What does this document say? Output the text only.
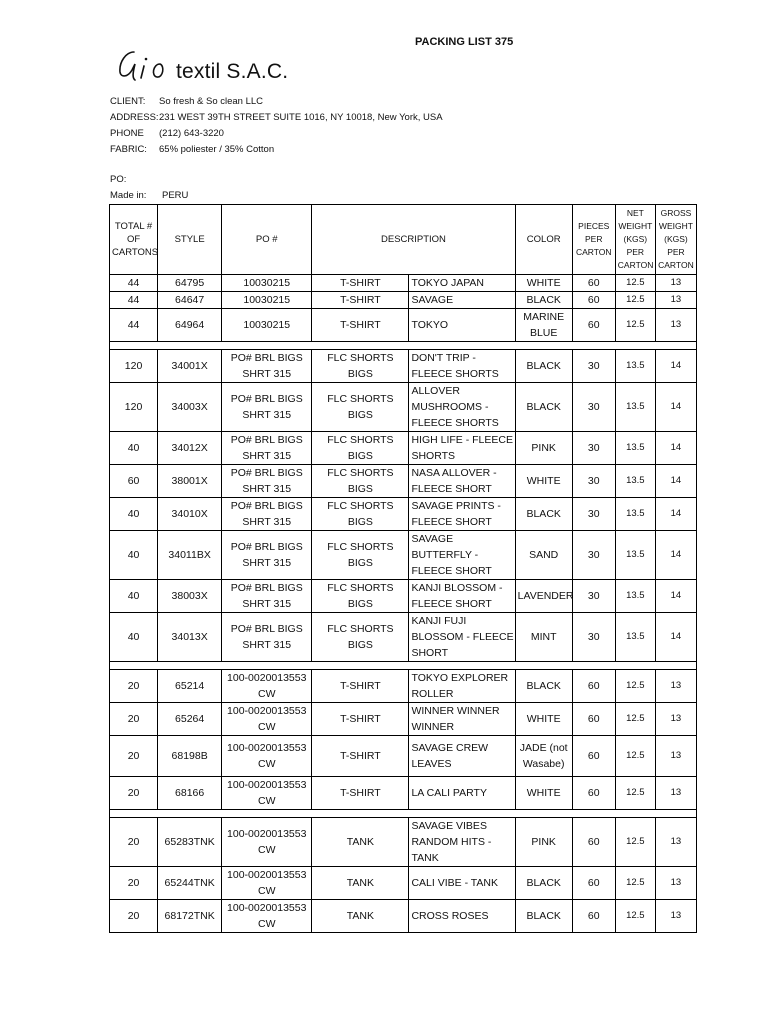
textil S.A.C.
PACKING LIST 375
CLIENT: So fresh & So clean LLC
ADDRESS: 231 WEST 39TH STREET SUITE 1016, NY 10018, New York, USA
PHONE (212) 643-3220
FABRIC: 65% poliester / 35% Cotton
PO:
Made in: PERU
TOTAL # OF CARTONS	STYLE	PO #	DESCRIPTION		COLOR	PIECES PER CARTON	NET WEIGHT (KGS) PER CARTON	GROSS WEIGHT (KGS) PER CARTON
44	64795	10030215	T-SHIRT	TOKYO JAPAN	WHITE	60	12.5	13
44	64647	10030215	T-SHIRT	SAVAGE	BLACK	60	12.5	13
44	64964	10030215	T-SHIRT	TOKYO	MARINE BLUE	60	12.5	13

120	34001X	PO# BRL BIGS SHRT 315	FLC SHORTS BIGS	DON'T TRIP - FLEECE SHORTS	BLACK	30	13.5	14
120	34003X	PO# BRL BIGS SHRT 315	FLC SHORTS BIGS	ALLOVER MUSHROOMS - FLEECE SHORTS	BLACK	30	13.5	14
40	34012X	PO# BRL BIGS SHRT 315	FLC SHORTS BIGS	HIGH LIFE - FLEECE SHORTS	PINK	30	13.5	14
60	38001X	PO# BRL BIGS SHRT 315	FLC SHORTS BIGS	NASA ALLOVER - FLEECE SHORT	WHITE	30	13.5	14
40	34010X	PO# BRL BIGS SHRT 315	FLC SHORTS BIGS	SAVAGE PRINTS - FLEECE SHORT	BLACK	30	13.5	14
40	34011BX	PO# BRL BIGS SHRT 315	FLC SHORTS BIGS	SAVAGE BUTTERFLY - FLEECE SHORT	SAND	30	13.5	14
40	38003X	PO# BRL BIGS SHRT 315	FLC SHORTS BIGS	KANJI BLOSSOM - FLEECE SHORT	LAVENDER	30	13.5	14
40	34013X	PO# BRL BIGS SHRT 315	FLC SHORTS BIGS	KANJI FUJI BLOSSOM - FLEECE SHORT	MINT	30	13.5	14

20	65214	100-0020013553 CW	T-SHIRT	TOKYO EXPLORER ROLLER	BLACK	60	12.5	13
20	65264	100-0020013553 CW	T-SHIRT	WINNER WINNER WINNER	WHITE	60	12.5	13
20	68198B	100-0020013553 CW	T-SHIRT	SAVAGE CREW LEAVES	JADE (not Wasabe)	60	12.5	13
20	68166	100-0020013553 CW	T-SHIRT	LA CALI PARTY	WHITE	60	12.5	13

20	65283TNK	100-0020013553 CW	TANK	SAVAGE VIBES RANDOM HITS - TANK	PINK	60	12.5	13
20	65244TNK	100-0020013553 CW	TANK	CALI VIBE - TANK	BLACK	60	12.5	13
20	68172TNK	100-0020013553 CW	TANK	CROSS ROSES	BLACK	60	12.5	13
